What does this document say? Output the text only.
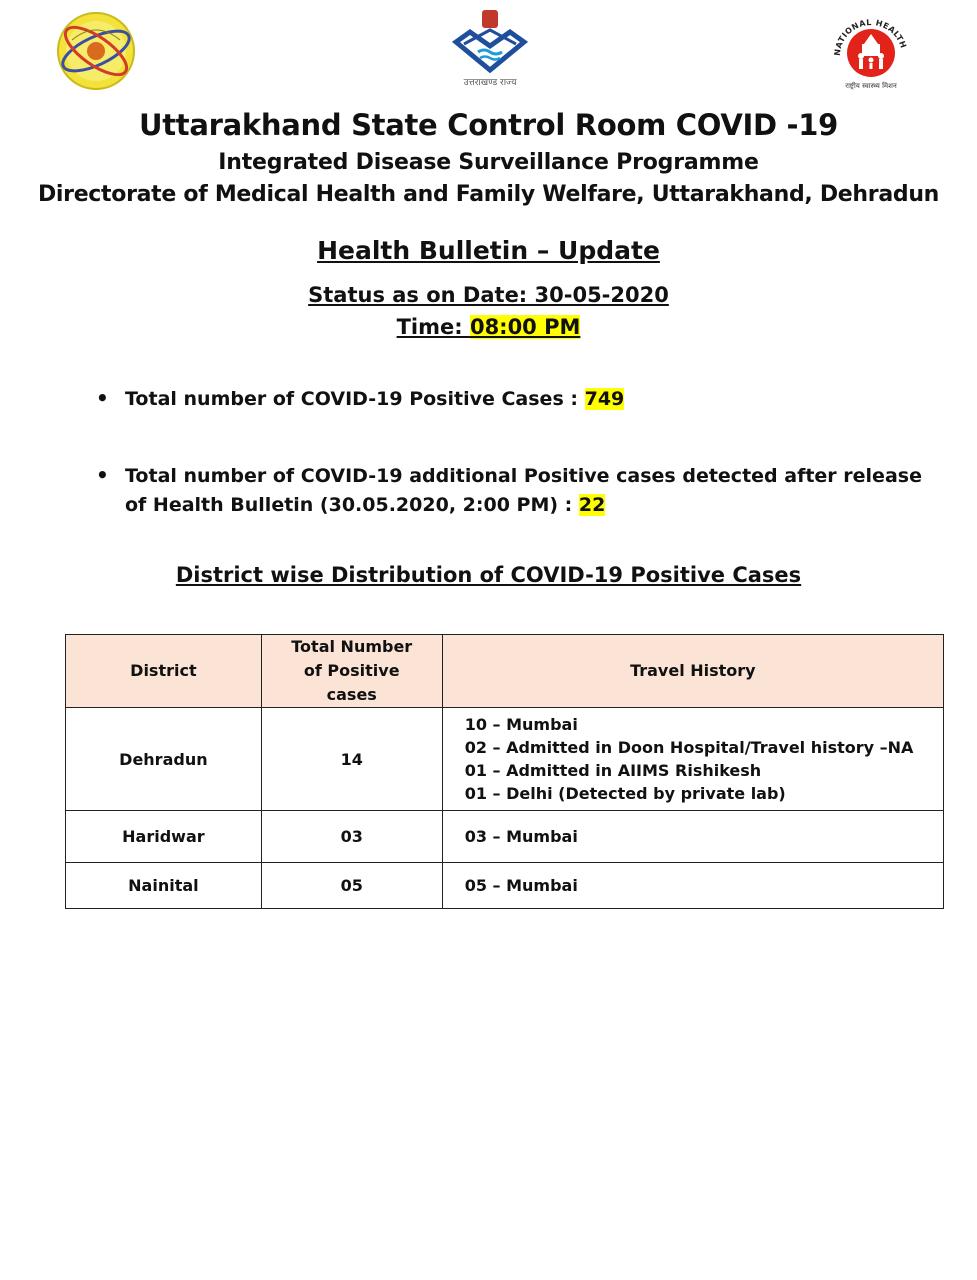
उत्तराखण्ड राज्य
NATIONAL HEALTH
राष्ट्रीय स्वास्थ्य मिशन
Uttarakhand State Control Room COVID -19
Integrated Disease Surveillance Programme
Directorate of Medical Health and Family Welfare, Uttarakhand, Dehradun
Health Bulletin – Update
Status as on Date: 30-05-2020
Time: 08:00 PM
• Total number of COVID-19 Positive Cases : 749
• Total number of COVID-19 additional Positive cases detected after release of Health Bulletin (30.05.2020, 2:00 PM) : 22
District wise Distribution of COVID-19 Positive Cases
District	Total Number of Positive cases	Travel History
Dehradun	14	10 – Mumbai
02 – Admitted in Doon Hospital/Travel history –NA
01 – Admitted in AIIMS Rishikesh
01 – Delhi (Detected by private lab)

Haridwar	03	03 – Mumbai

Nainital	05	05 – Mumbai
